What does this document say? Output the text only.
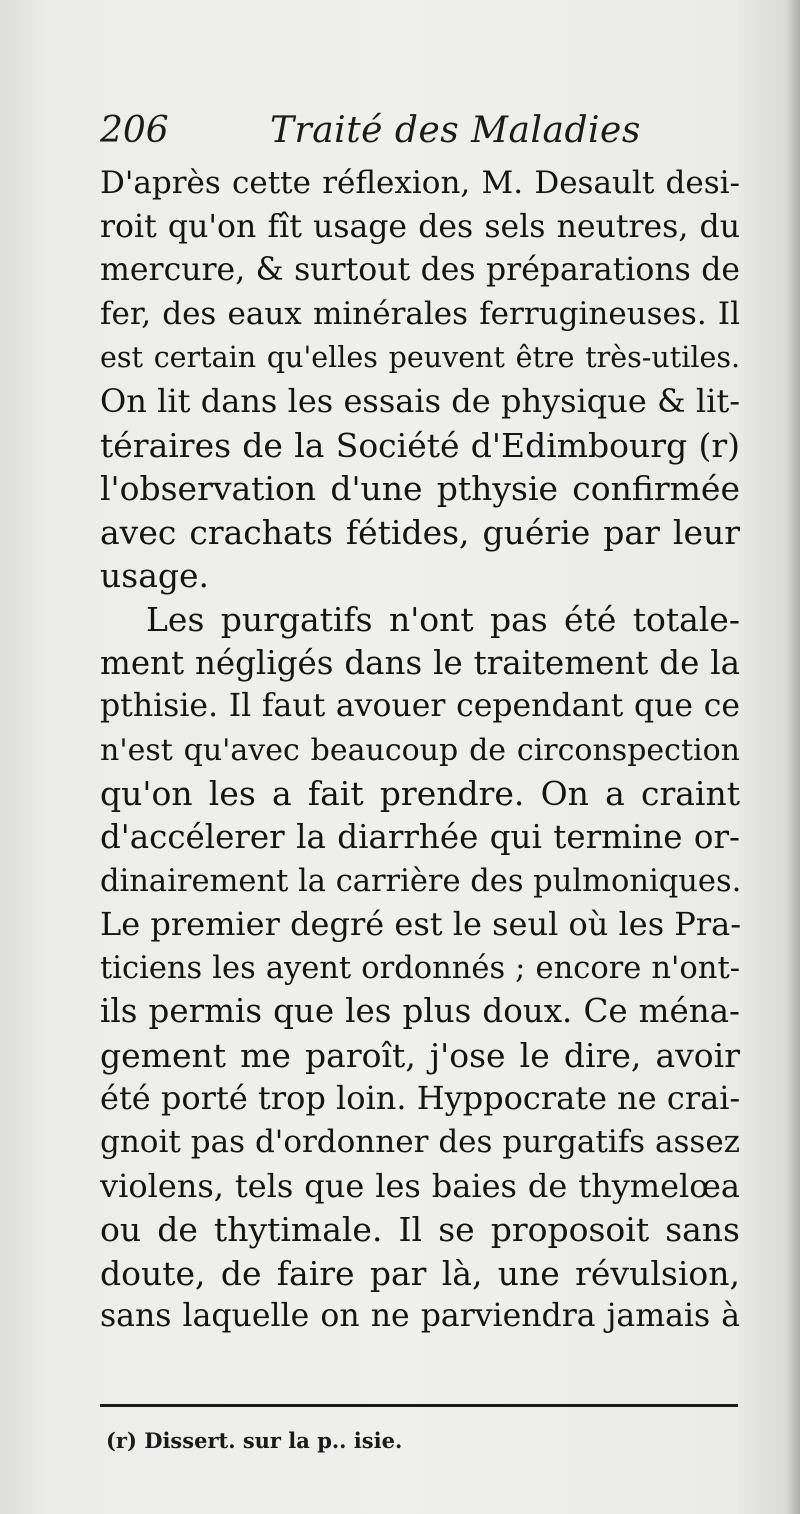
206	Traité des Maladies
D'après cette réflexion, M. Desault desi-
roit qu'on fît usage des sels neutres, du
mercure, & surtout des préparations de
fer, des eaux minérales ferrugineuses. Il
est certain qu'elles peuvent être très-utiles.
On lit dans les essais de physique & lit-
téraires de la Société d'Edimbourg (r)
l'observation d'une pthysie confirmée
avec crachats fétides, guérie par leur
usage.
Les purgatifs n'ont pas été totale-
ment négligés dans le traitement de la
pthisie. Il faut avouer cependant que ce
n'est qu'avec beaucoup de circonspection
qu'on les a fait prendre. On a craint
d'accélerer la diarrhée qui termine or-
dinairement la carrière des pulmoniques.
Le premier degré est le seul où les Pra-
ticiens les ayent ordonnés ; encore n'ont-
ils permis que les plus doux. Ce ména-
gement me paroît, j'ose le dire, avoir
été porté trop loin. Hyppocrate ne crai-
gnoit pas d'ordonner des purgatifs assez
violens, tels que les baies de thymelœa
ou de thytimale. Il se proposoit sans
doute, de faire par là, une révulsion,
sans laquelle on ne parviendra jamais à
(r) Dissert. sur la p.. isie.
